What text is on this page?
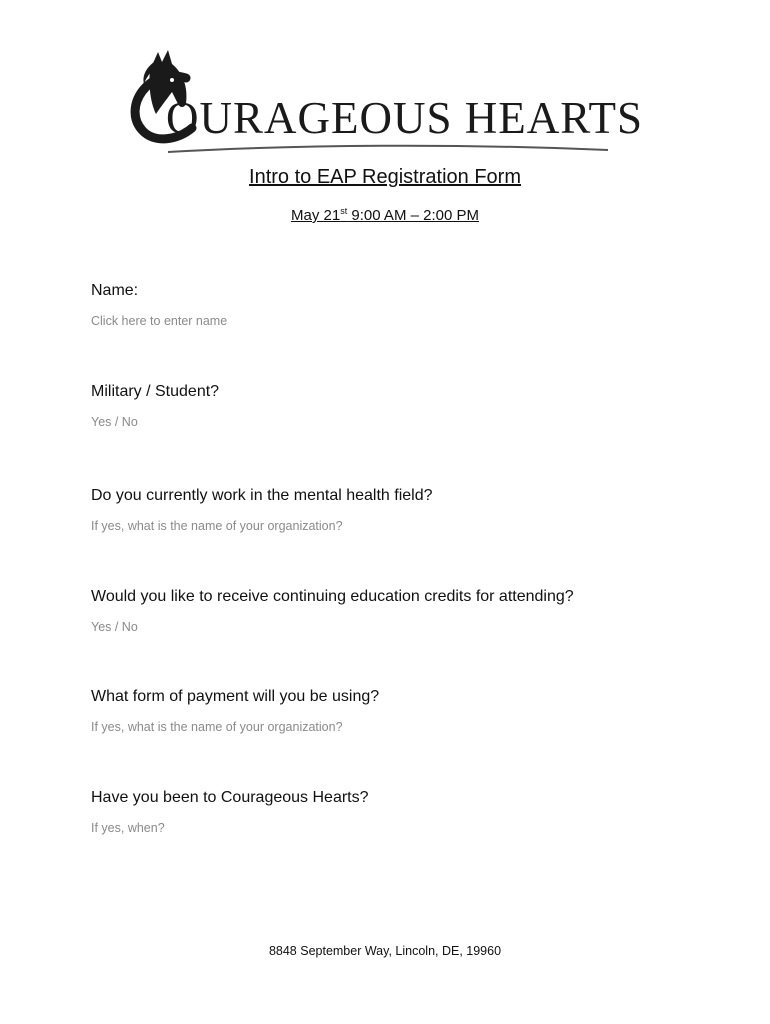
OURAGEOUS HEARTS
Intro to EAP Registration Form
May 21st 9:00 AM – 2:00 PM
Name:
Click here to enter name
Military / Student?
Yes / No
Do you currently work in the mental health field?
If yes, what is the name of your organization?
Would you like to receive continuing education credits for attending?
Yes / No
What form of payment will you be using?
If yes, what is the name of your organization?
Have you been to Courageous Hearts?
If yes, when?
8848 September Way, Lincoln, DE, 19960
